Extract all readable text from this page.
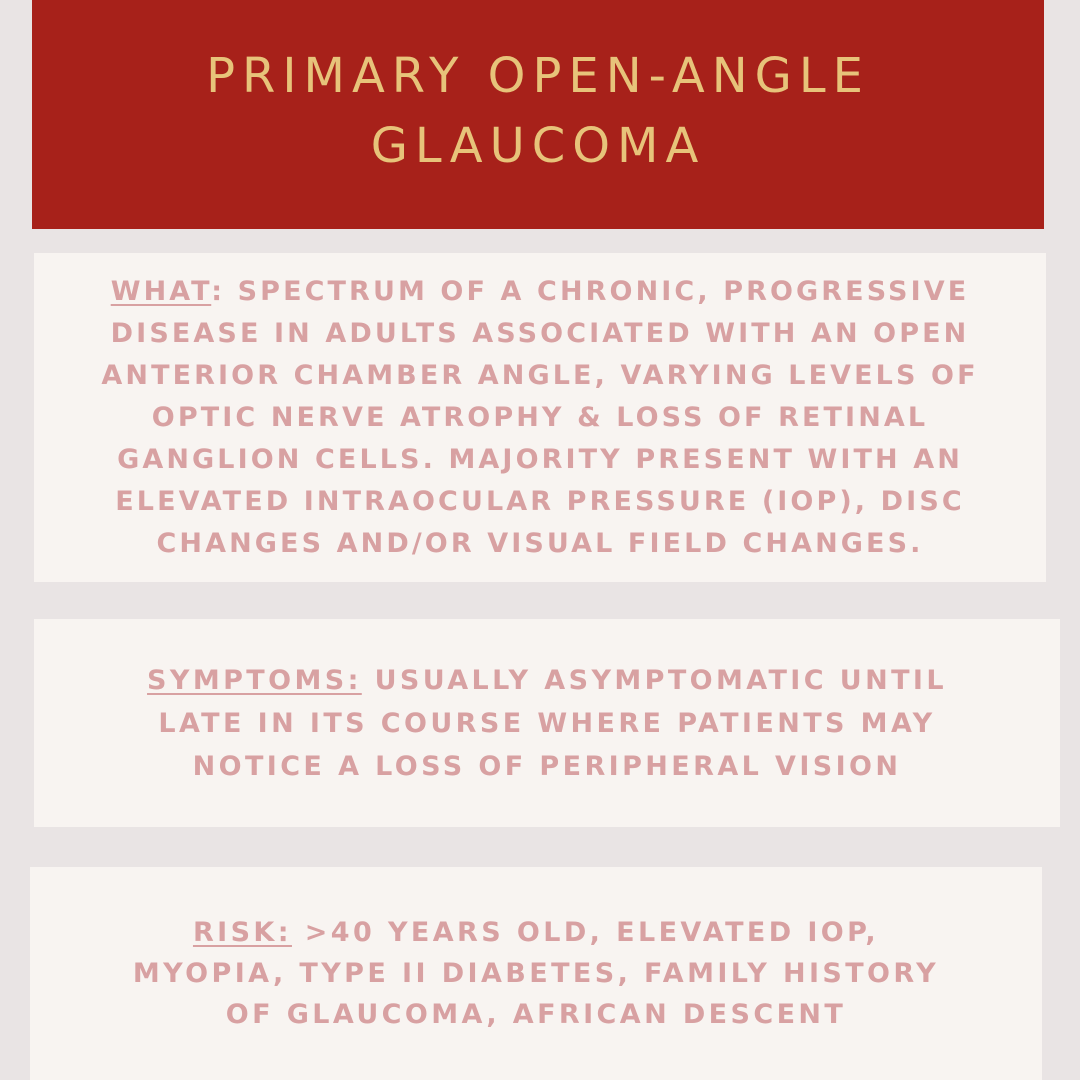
PRIMARY OPEN-ANGLE GLAUCOMA

WHAT: SPECTRUM OF A CHRONIC, PROGRESSIVE DISEASE IN ADULTS ASSOCIATED WITH AN OPEN ANTERIOR CHAMBER ANGLE, VARYING LEVELS OF OPTIC NERVE ATROPHY & LOSS OF RETINAL GANGLION CELLS. MAJORITY PRESENT WITH AN ELEVATED INTRAOCULAR PRESSURE (IOP), DISC CHANGES AND/OR VISUAL FIELD CHANGES.

SYMPTOMS: USUALLY ASYMPTOMATIC UNTIL LATE IN ITS COURSE WHERE PATIENTS MAY NOTICE A LOSS OF PERIPHERAL VISION

RISK: >40 YEARS OLD, ELEVATED IOP, MYOPIA, TYPE II DIABETES, FAMILY HISTORY OF GLAUCOMA, AFRICAN DESCENT
